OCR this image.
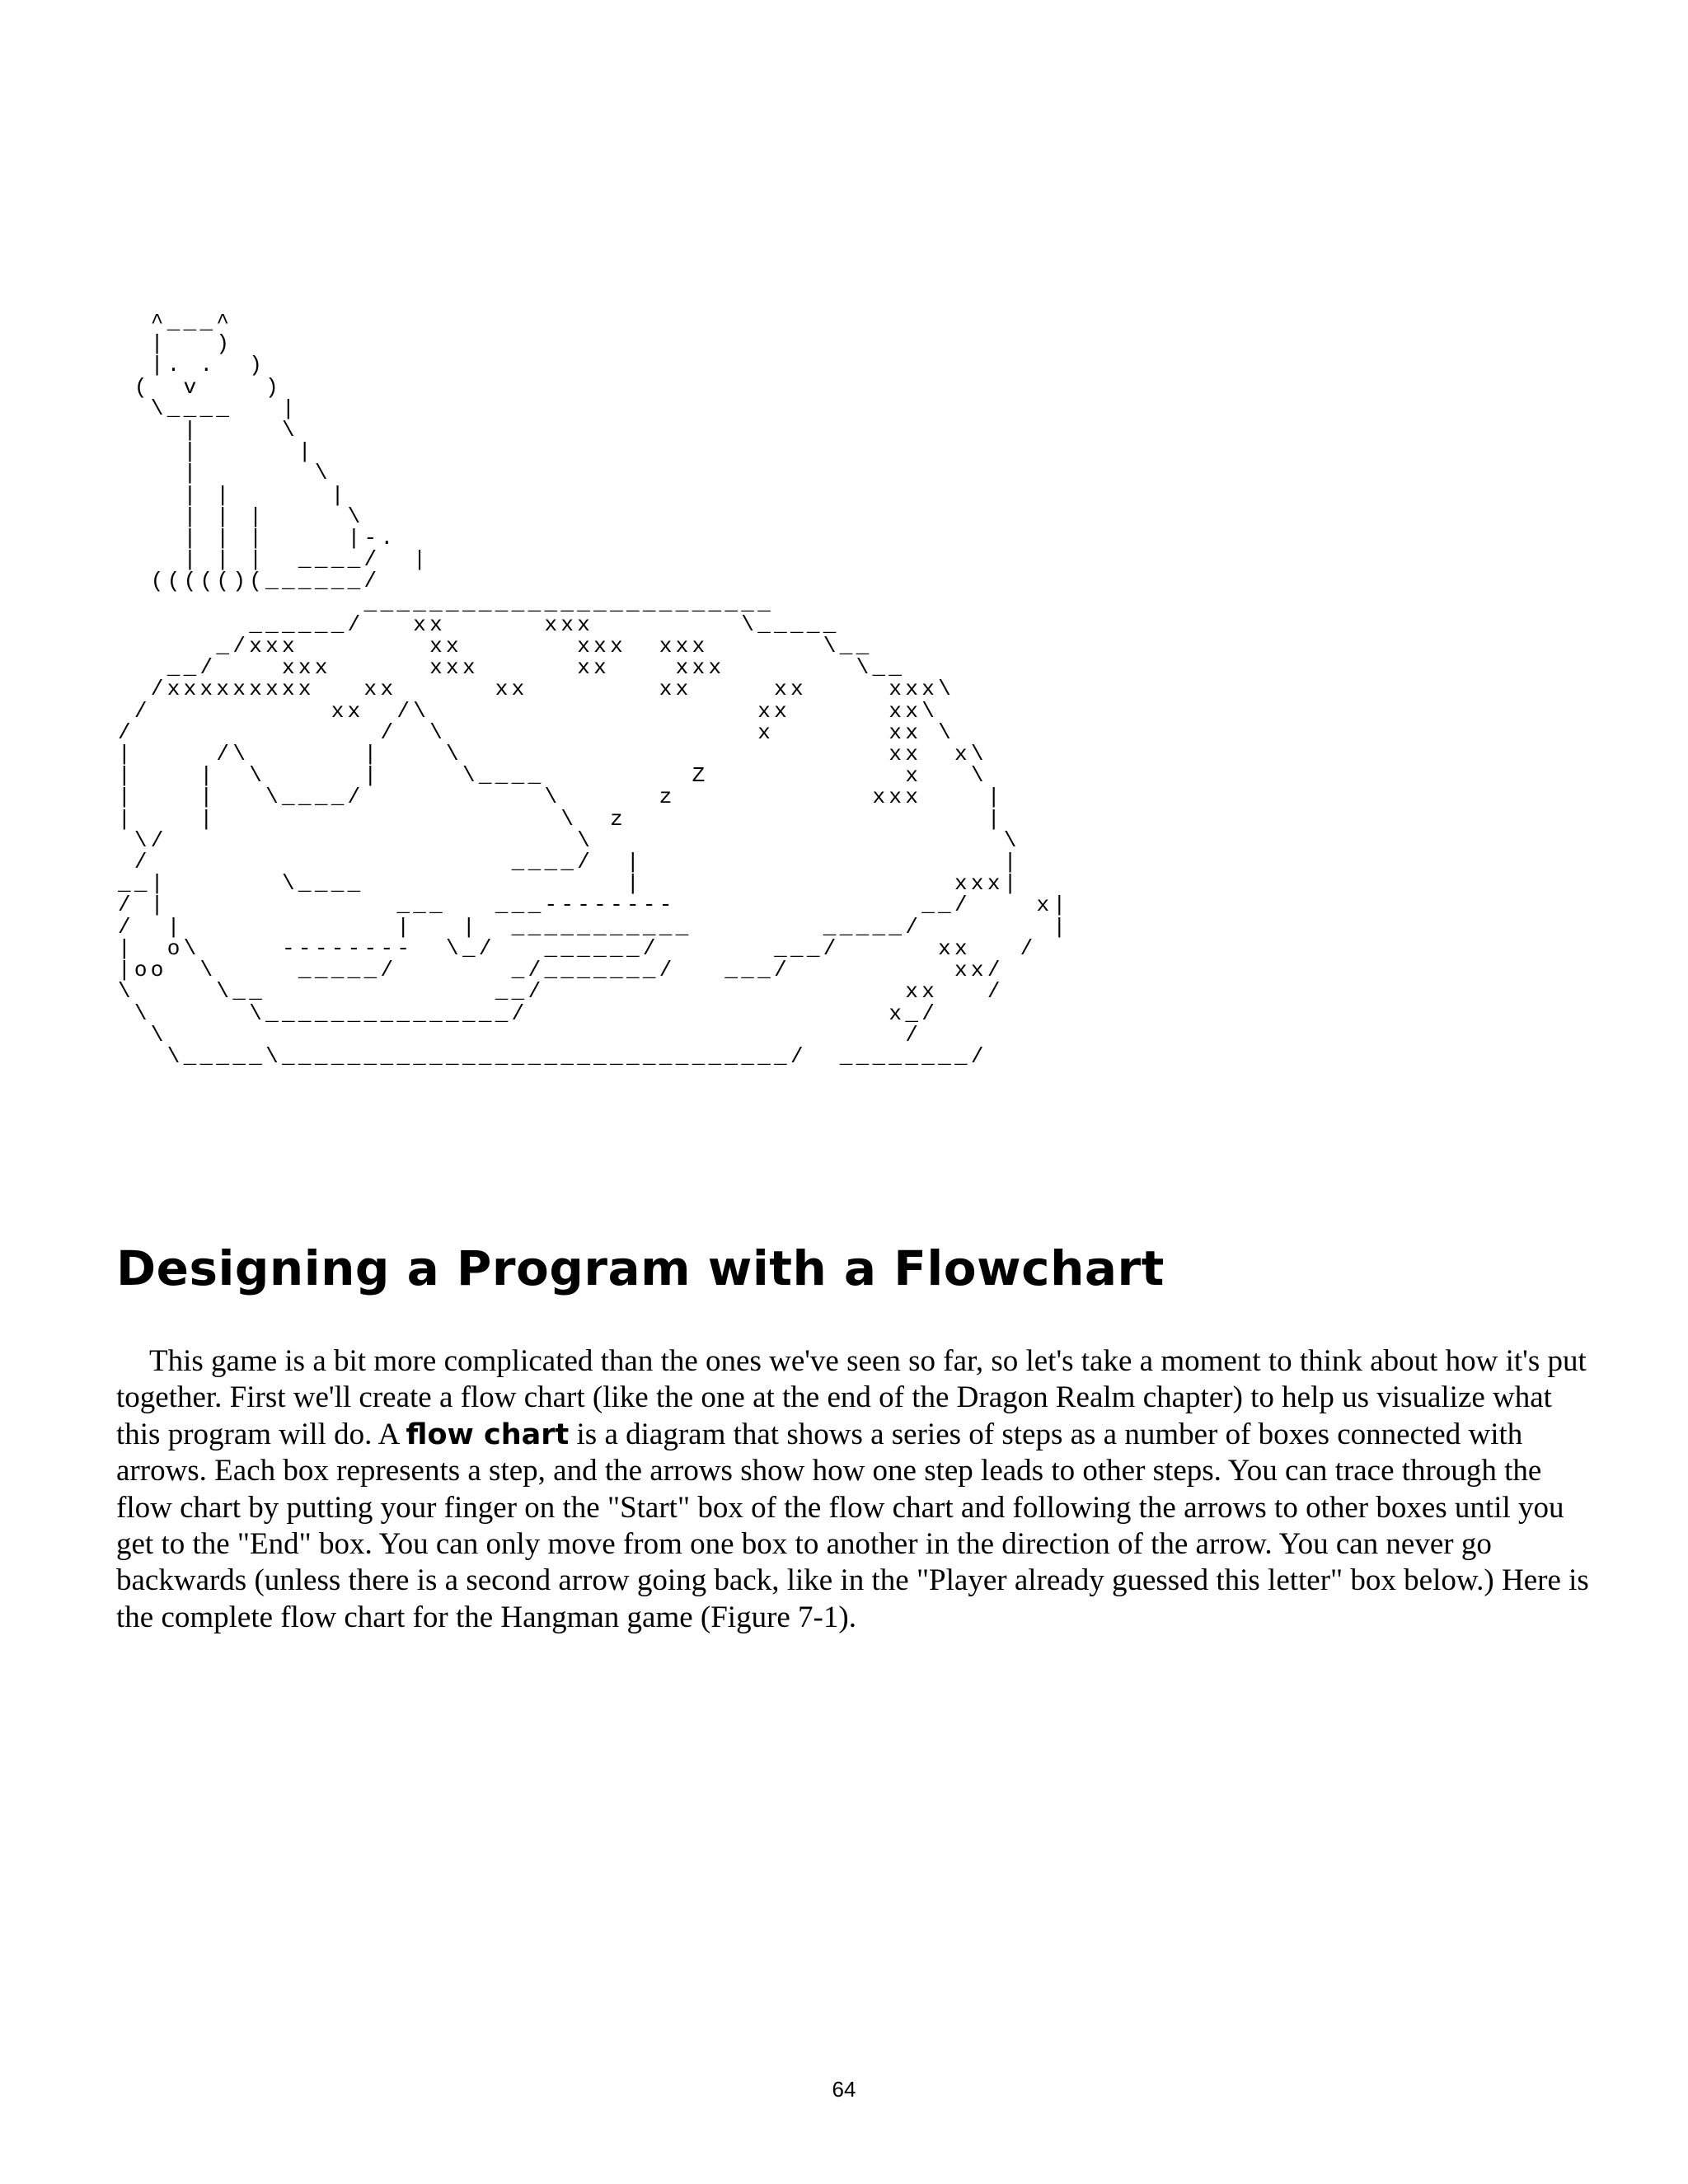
^___^
|   )
|. .  )
(  v    )
\____   |
|     \
|      |
|       \
| |      |
| | |     \
| | |     |-.
| | |  ____/  |
((((()(______/
_________________________
______/   xx      xxx         \_____
_/xxx        xx       xxx  xxx       \__
__/    xxx      xxx      xx    xxx        \__
/xxxxxxxxx   xx      xx        xx     xx     xxx\
/           xx  /\                    xx      xx\
/               /  \                   x       xx \
|     /\       |    \                          xx  x\
|    |  \      |     \____         Z            x   \
|    |   \____/           \      z            xxx    |
|    |                     \  z                      |
\/                         \                         \
/                      ____/  |                      |
__|       \____                |                   xxx|
/ |              ___   ___--------               __/    x|
/  |             |   |  ___________        _____/        |
|  o\     --------  \_/   ______/       ___/      xx   /
|oo  \     _____/       _/_______/   ___/          xx/
\     \__              __/                      xx   /
\      \_______________/                      x_/
\                                             /
\_____\_______________________________/  ________/
Designing a Program with a Flowchart

This game is a bit more complicated than the ones we've seen so far, so let's take a moment to think about how it's put together. First we'll create a flow chart (like the one at the end of the Dragon Realm chapter) to help us visualize what this program will do. A flow chart is a diagram that shows a series of steps as a number of boxes connected with arrows. Each box represents a step, and the arrows show how one step leads to other steps. You can trace through the flow chart by putting your finger on the "Start" box of the flow chart and following the arrows to other boxes until you get to the "End" box. You can only move from one box to another in the direction of the arrow. You can never go backwards (unless there is a second arrow going back, like in the "Player already guessed this letter" box below.) Here is the complete flow chart for the Hangman game (Figure 7-1).

64
